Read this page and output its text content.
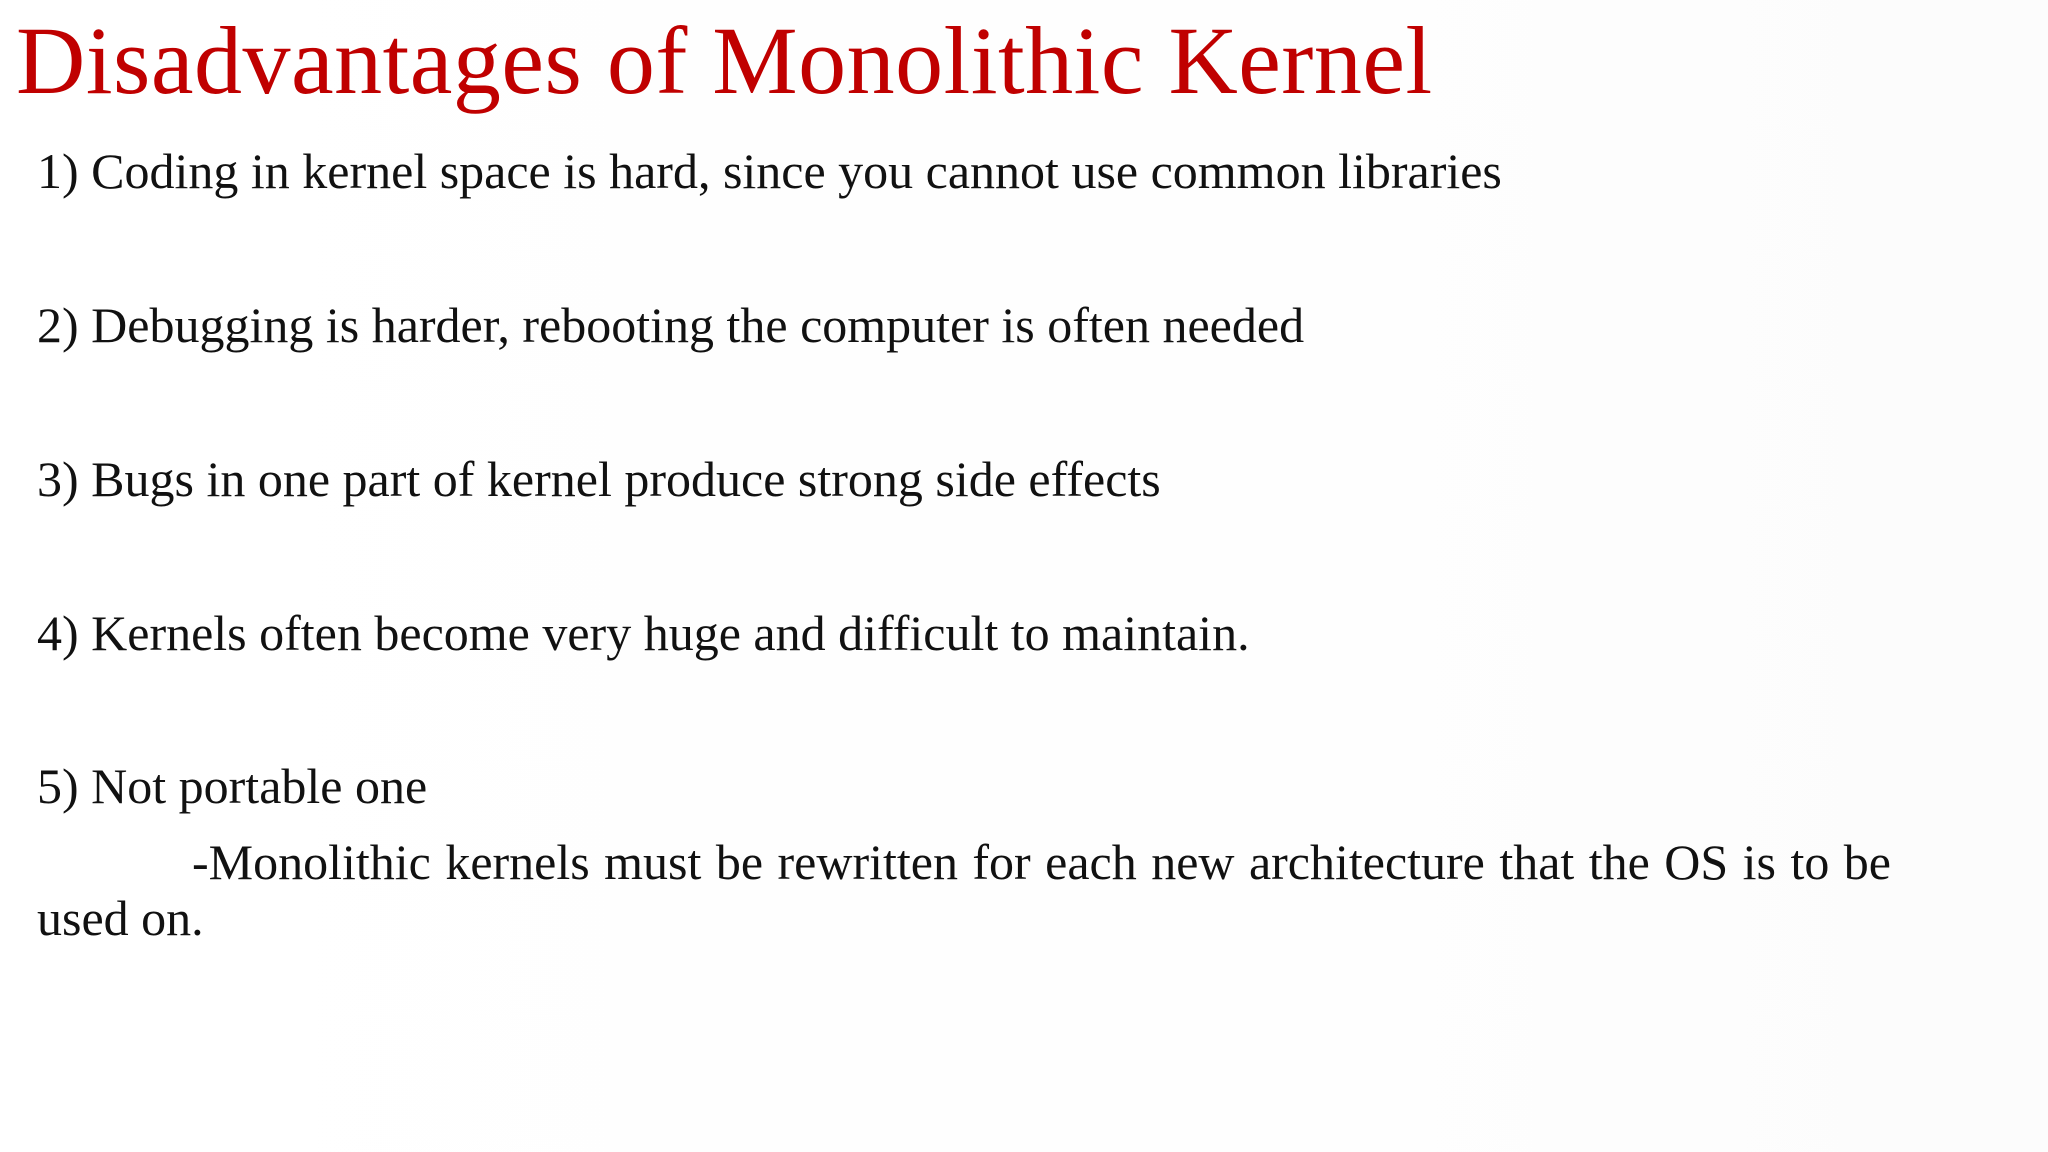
Disadvantages of Monolithic Kernel

1) Coding in kernel space is hard, since you cannot use common libraries

2) Debugging is harder, rebooting the computer is often needed

3) Bugs in one part of kernel produce strong side effects

4) Kernels often become very huge and difficult to maintain.

5) Not portable one

-Monolithic kernels must be rewritten for each new architecture that the OS is to be used on.
